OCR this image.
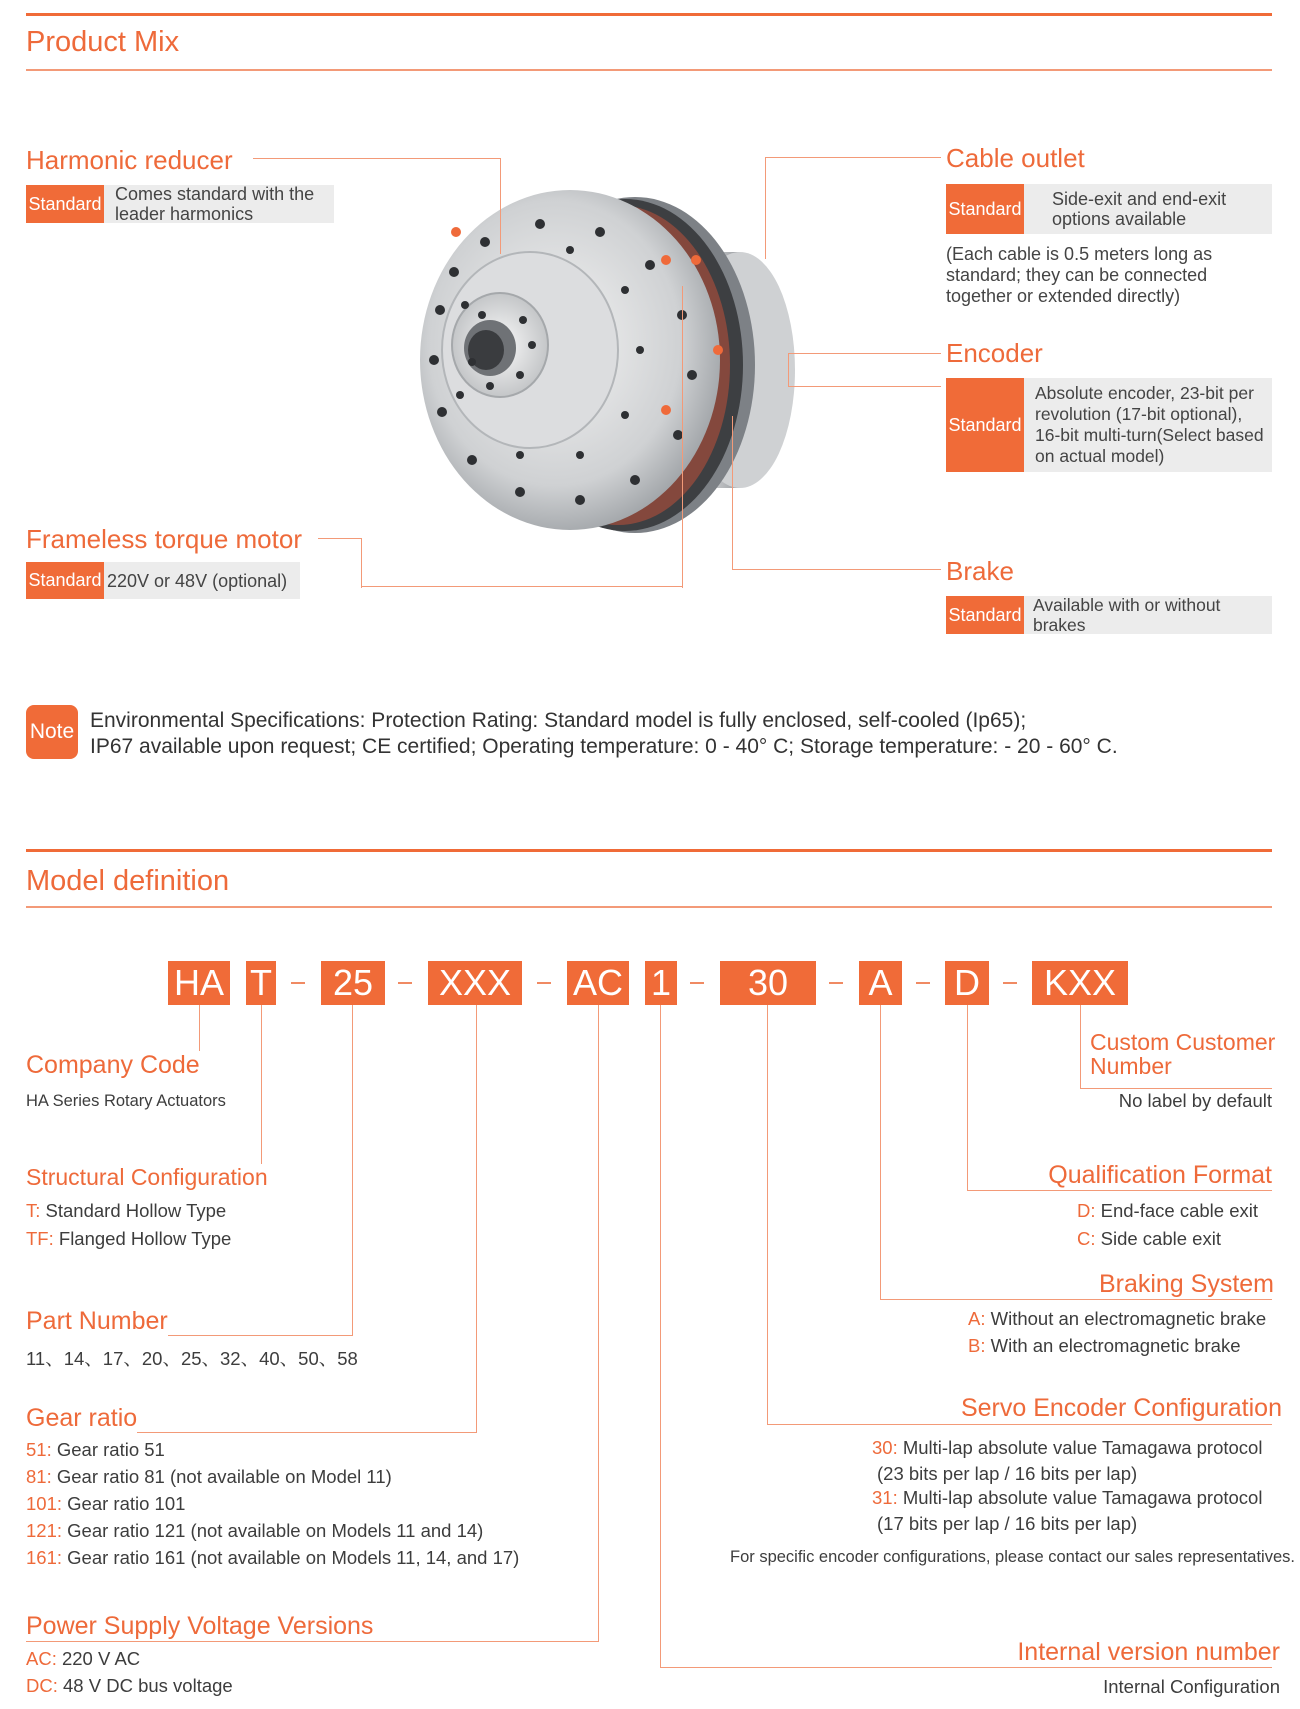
Product Mix
Harmonic reducer
Standard Comes standard with the leader harmonics
Cable outlet
Standard	Side-exit and end-exit options available
(Each cable is 0.5 meters long as standard; they can be connected together or extended directly)
Encoder
Standard
Absolute encoder, 23-bit per revolution (17-bit optional), 16-bit multi-turn(Select based on actual model)
Frameless torque motor
Standard 220V or 48V (optional)	Brake
Standard Available with or without brakes
Note Environmental Specifications: Protection Rating: Standard model is fully enclosed, self-cooled (Ip65);
IP67 available upon request; CE certified; Operating temperature: 0 - 40° C; Storage temperature: - 20 - 60° C.
Model definition
HA T	25	XXX	AC 1	30	A D	KXX
Company Code
HA Series Rotary Actuators
Structural Configuration
T: Standard Hollow Type
TF: Flanged Hollow Type
Part Number
11、14、17、20、25、32、40、50、58
Gear ratio
51: Gear ratio 51
81: Gear ratio 81 (not available on Model 11)
101: Gear ratio 101
121: Gear ratio 121 (not available on Models 11 and 14)
161: Gear ratio 161 (not available on Models 11, 14, and 17)
Power Supply Voltage Versions
AC: 220 V AC
DC: 48 V DC bus voltage
Custom Customer
Number
No label by default
Qualification Format
D: End-face cable exit
C: Side cable exit
Braking System
A: Without an electromagnetic brake
B: With an electromagnetic brake
Servo Encoder Configuration
30: Multi-lap absolute value Tamagawa protocol
(23 bits per lap / 16 bits per lap)
31: Multi-lap absolute value Tamagawa protocol
(17 bits per lap / 16 bits per lap)
For specific encoder configurations, please contact our sales representatives.
Internal version number
Internal Configuration
